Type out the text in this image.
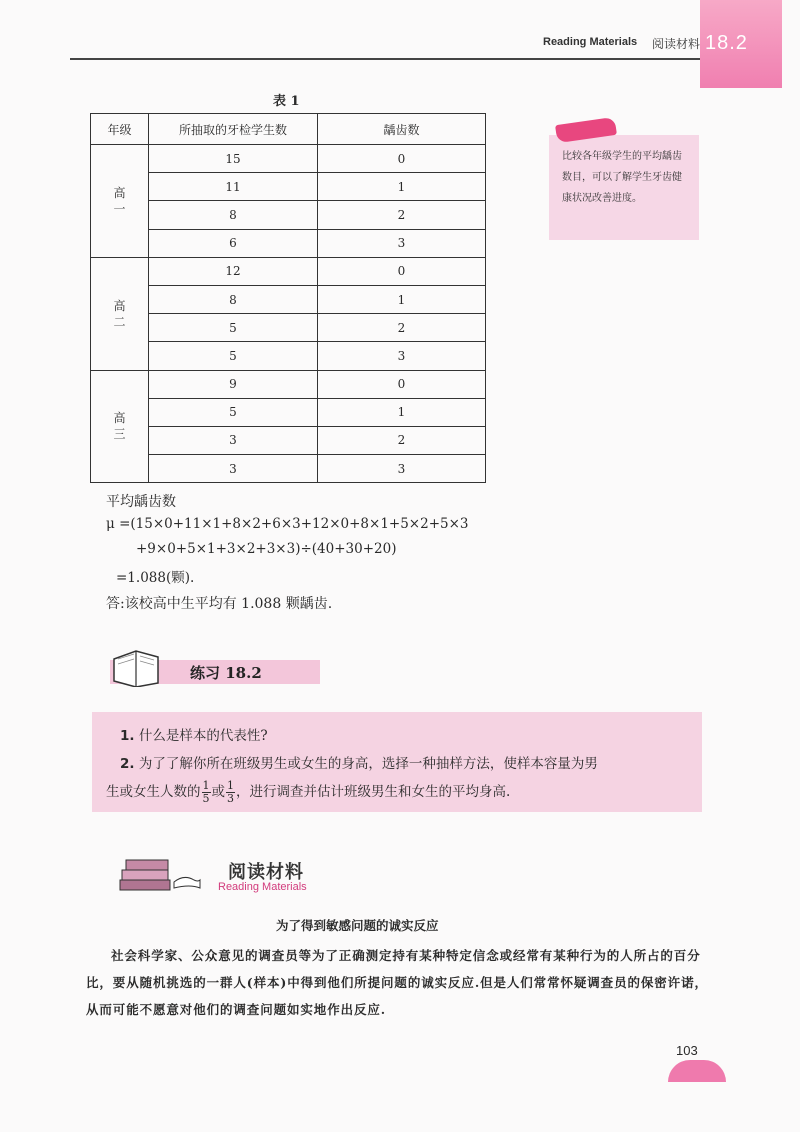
Reading Materials 阅读材料 18.2
表 1
年级	所抽取的牙检学生数	龋齿数
高一	15	0
	11	1
	8	2
	6	3
高二	12	0
	8	1
	5	2
	5	3
高三	9	0
	5	1
	3	2
	3	3
比较各年级学生的平均龋齿数目，可以了解学生牙齿健康状况改善进度。
平均龋齿数
μ =(15×0+11×1+8×2+6×3+12×0+8×1+5×2+5×3
+9×0+5×1+3×2+3×3)÷(40+30+20)
=1.088(颗).
答:该校高中生平均有 1.088 颗龋齿.
练习 18.2
1. 什么是样本的代表性?
2. 为了了解你所在班级男生或女生的身高，选择一种抽样方法，使样本容量为男
生或女生人数的 $\frac{1}{5}$ 或 $\frac{1}{3}$ ，进行调查并估计班级男生和女生的平均身高.
阅读材料
Reading Materials
为了得到敏感问题的诚实反应
社会科学家、公众意见的调查员等为了正确测定持有某种特定信念或经常有某种行为的人所占的百分比，要从随机挑选的一群人(样本)中得到他们所提问题的诚实反应.但是人们常常怀疑调查员的保密许诺，从而可能不愿意对他们的调查问题如实地作出反应.
103
